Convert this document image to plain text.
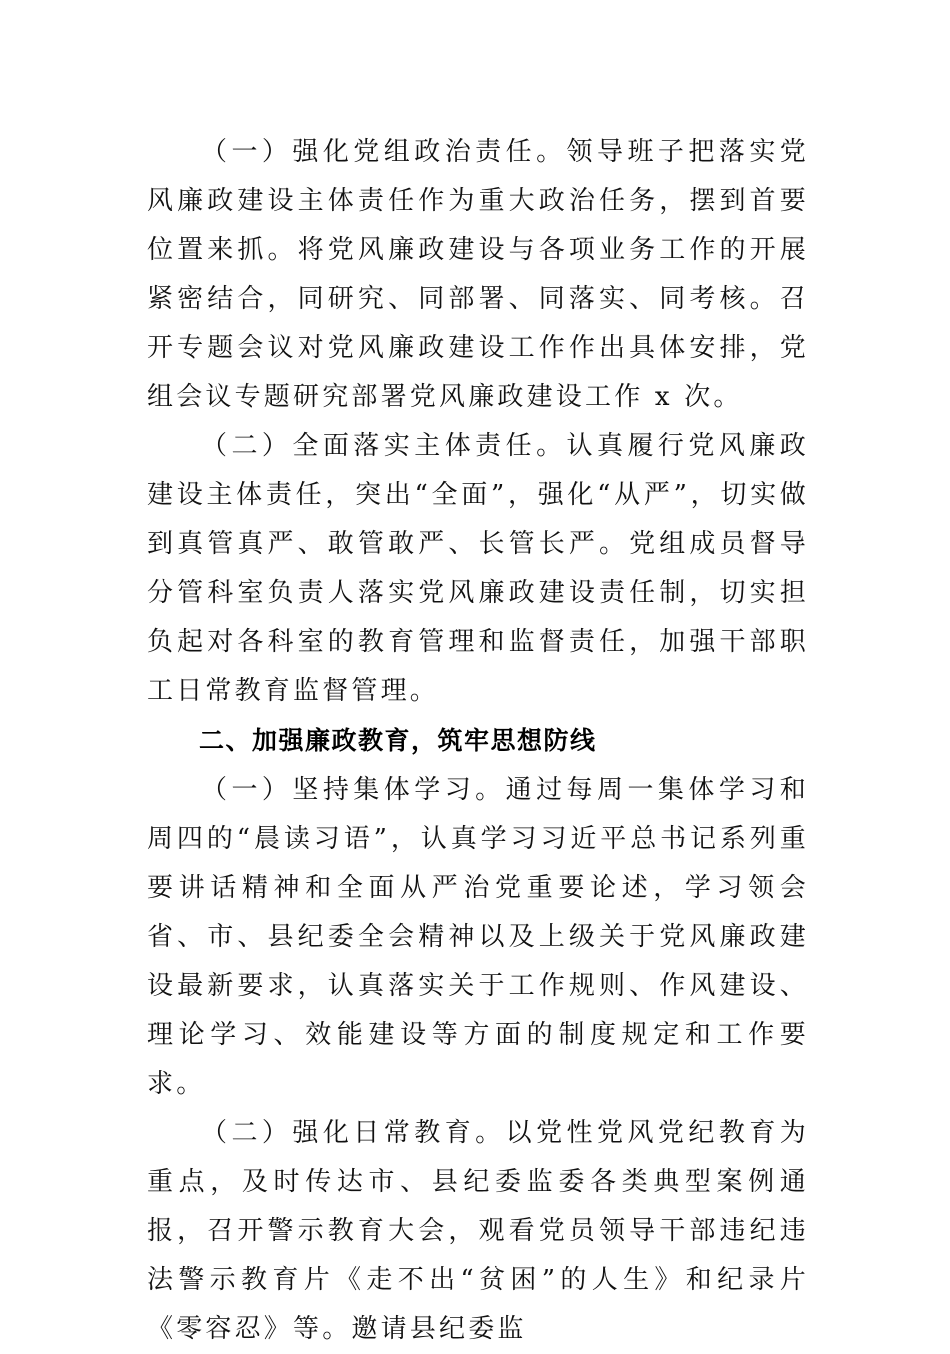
（一）强化党组政治责任。领导班子把落实党风廉政建设主体责任作为重大政治任务，摆到首要位置来抓。将党风廉政建设与各项业务工作的开展紧密结合，同研究、同部署、同落实、同考核。召开专题会议对党风廉政建设工作作出具体安排，党组会议专题研究部署党风廉政建设工作 x 次。

（二）全面落实主体责任。认真履行党风廉政建设主体责任，突出“全面”，强化“从严”，切实做到真管真严、敢管敢严、长管长严。党组成员督导分管科室负责人落实党风廉政建设责任制，切实担负起对各科室的教育管理和监督责任，加强干部职工日常教育监督管理。

二、加强廉政教育，筑牢思想防线

（一）坚持集体学习。通过每周一集体学习和周四的“晨读习语”，认真学习习近平总书记系列重要讲话精神和全面从严治党重要论述，学习领会省、市、县纪委全会精神以及上级关于党风廉政建设最新要求，认真落实关于工作规则、作风建设、理论学习、效能建设等方面的制度规定和工作要求。

（二）强化日常教育。以党性党风党纪教育为重点，及时传达市、县纪委监委各类典型案例通报，召开警示教育大会，观看党员领导干部违纪违法警示教育片《走不出“贫困”的人生》和纪录片《零容忍》等。邀请县纪委监
